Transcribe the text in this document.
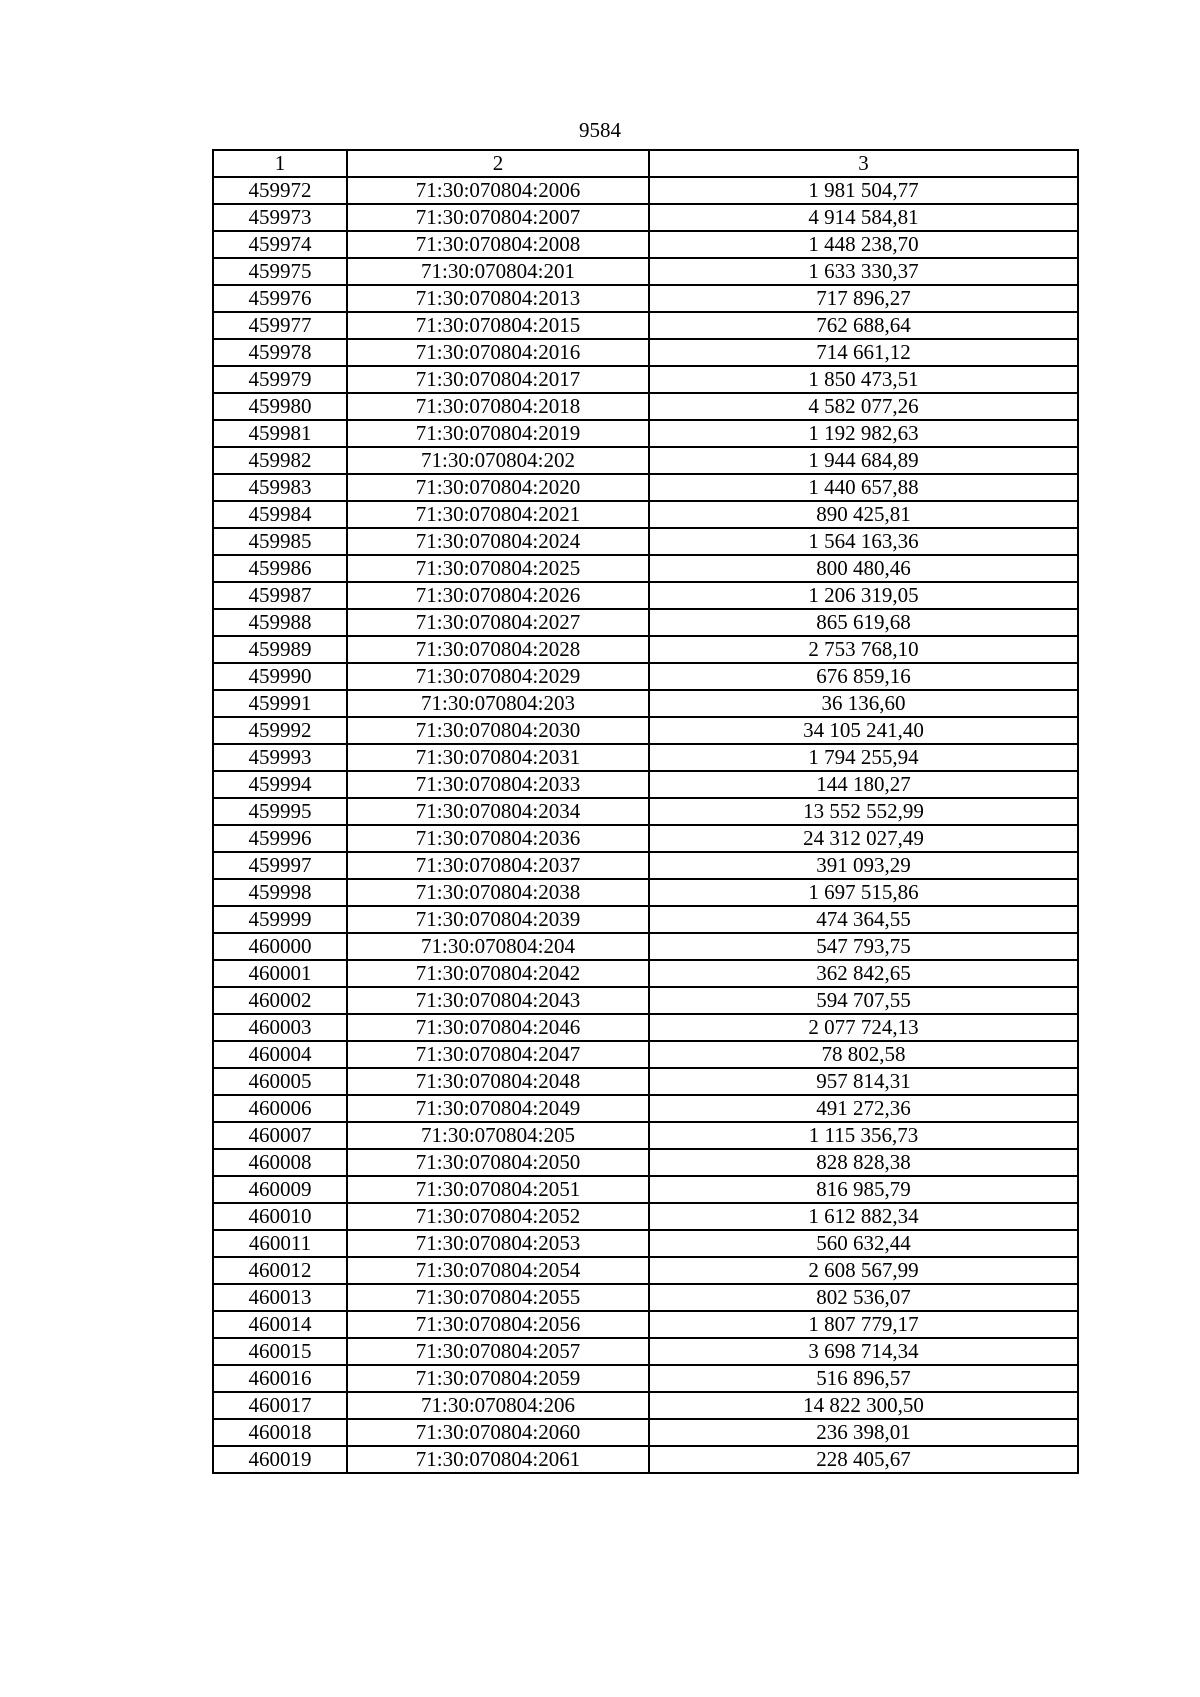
9584
1	2	3
459972	71:30:070804:2006	1 981 504,77
459973	71:30:070804:2007	4 914 584,81
459974	71:30:070804:2008	1 448 238,70
459975	71:30:070804:201	1 633 330,37
459976	71:30:070804:2013	717 896,27
459977	71:30:070804:2015	762 688,64
459978	71:30:070804:2016	714 661,12
459979	71:30:070804:2017	1 850 473,51
459980	71:30:070804:2018	4 582 077,26
459981	71:30:070804:2019	1 192 982,63
459982	71:30:070804:202	1 944 684,89
459983	71:30:070804:2020	1 440 657,88
459984	71:30:070804:2021	890 425,81
459985	71:30:070804:2024	1 564 163,36
459986	71:30:070804:2025	800 480,46
459987	71:30:070804:2026	1 206 319,05
459988	71:30:070804:2027	865 619,68
459989	71:30:070804:2028	2 753 768,10
459990	71:30:070804:2029	676 859,16
459991	71:30:070804:203	36 136,60
459992	71:30:070804:2030	34 105 241,40
459993	71:30:070804:2031	1 794 255,94
459994	71:30:070804:2033	144 180,27
459995	71:30:070804:2034	13 552 552,99
459996	71:30:070804:2036	24 312 027,49
459997	71:30:070804:2037	391 093,29
459998	71:30:070804:2038	1 697 515,86
459999	71:30:070804:2039	474 364,55
460000	71:30:070804:204	547 793,75
460001	71:30:070804:2042	362 842,65
460002	71:30:070804:2043	594 707,55
460003	71:30:070804:2046	2 077 724,13
460004	71:30:070804:2047	78 802,58
460005	71:30:070804:2048	957 814,31
460006	71:30:070804:2049	491 272,36
460007	71:30:070804:205	1 115 356,73
460008	71:30:070804:2050	828 828,38
460009	71:30:070804:2051	816 985,79
460010	71:30:070804:2052	1 612 882,34
460011	71:30:070804:2053	560 632,44
460012	71:30:070804:2054	2 608 567,99
460013	71:30:070804:2055	802 536,07
460014	71:30:070804:2056	1 807 779,17
460015	71:30:070804:2057	3 698 714,34
460016	71:30:070804:2059	516 896,57
460017	71:30:070804:206	14 822 300,50
460018	71:30:070804:2060	236 398,01
460019	71:30:070804:2061	228 405,67
